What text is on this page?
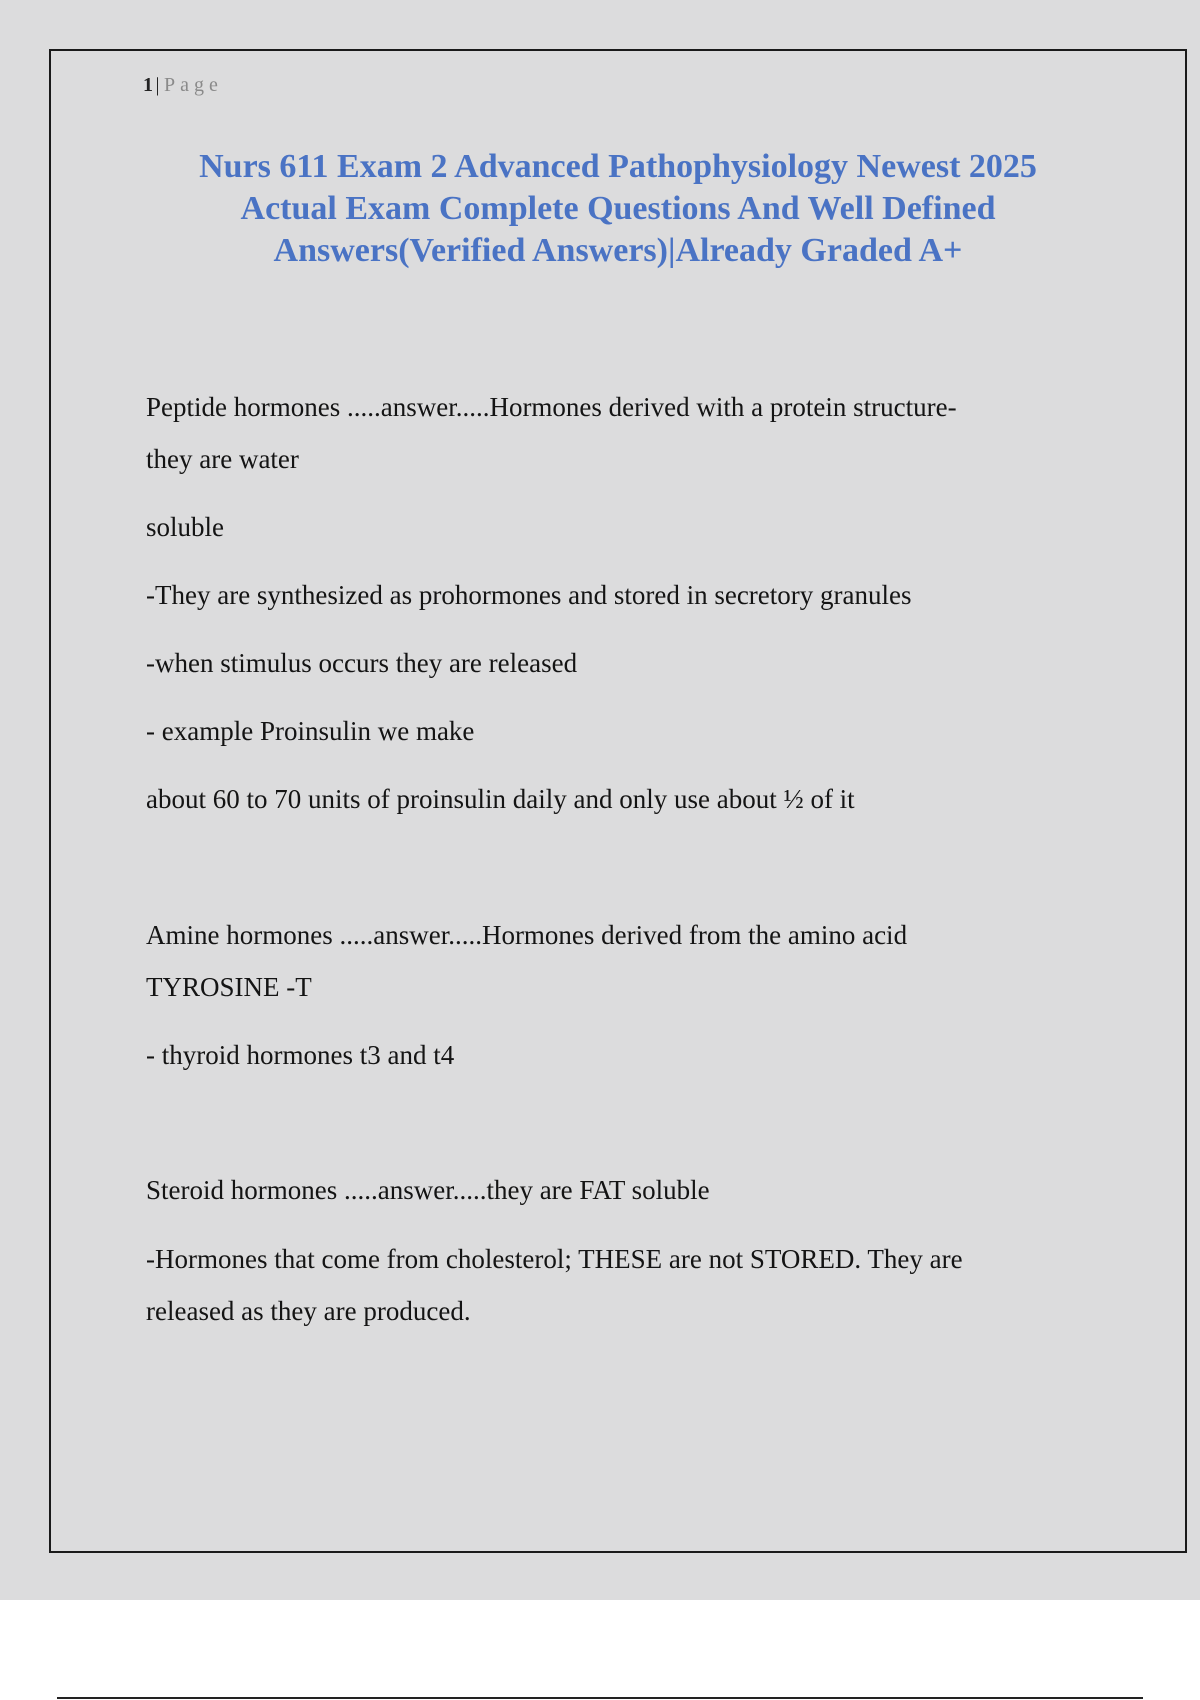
1 | Page
Nurs 611 Exam 2 Advanced Pathophysiology Newest 2025
Actual Exam Complete Questions And Well Defined
Answers(Verified Answers)|Already Graded A+
Peptide hormones .....answer.....Hormones derived with a protein structure-
they are water
soluble
-They are synthesized as prohormones and stored in secretory granules
-when stimulus occurs they are released
- example Proinsulin we make
about 60 to 70 units of proinsulin daily and only use about ½ of it
Amine hormones .....answer.....Hormones derived from the amino acid
TYROSINE -T
- thyroid hormones t3 and t4
Steroid hormones .....answer.....they are FAT soluble
-Hormones that come from cholesterol; THESE are not STORED. They are
released as they are produced.
